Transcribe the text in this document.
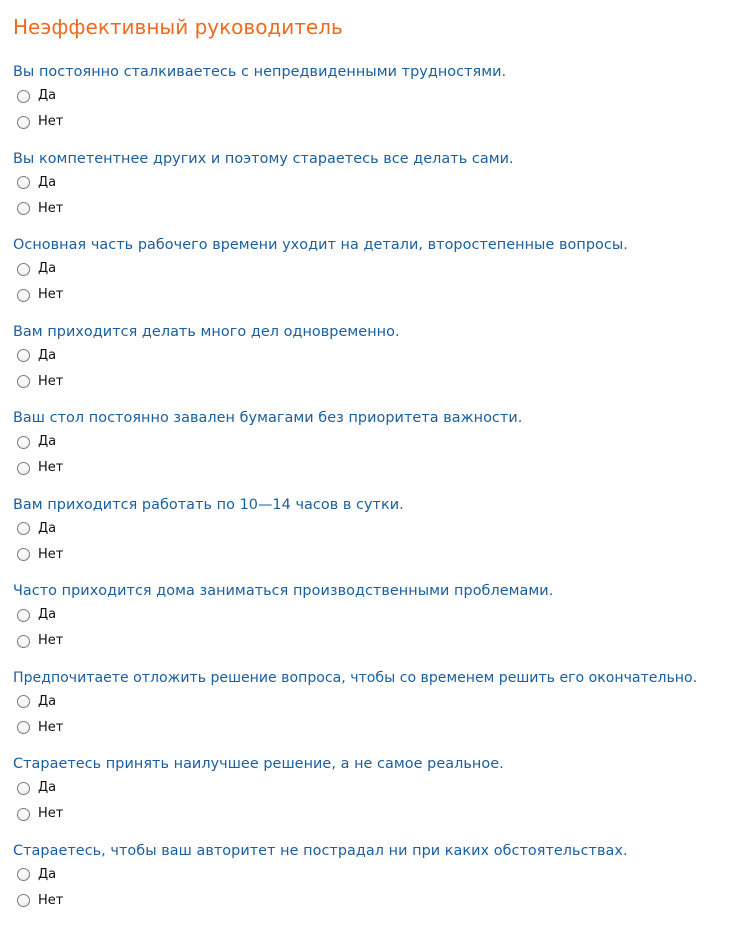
Неэффективный руководитель
Вы постоянно сталкиваетесь с непредвиденными трудностями.
Да
Нет
Вы компетентнее других и поэтому стараетесь все делать сами.
Да
Нет
Основная часть рабочего времени уходит на детали, второстепенные вопросы.
Да
Нет
Вам приходится делать много дел одновременно.
Да
Нет
Ваш стол постоянно завален бумагами без приоритета важности.
Да
Нет
Вам приходится работать по 10—14 часов в сутки.
Да
Нет
Часто приходится дома заниматься производственными проблемами.
Да
Нет
Предпочитаете отложить решение вопроса, чтобы со временем решить его окончательно.
Да
Нет
Стараетесь принять наилучшее решение, а не самое реальное.
Да
Нет
Стараетесь, чтобы ваш авторитет не пострадал ни при каких обстоятельствах.
Да
Нет
